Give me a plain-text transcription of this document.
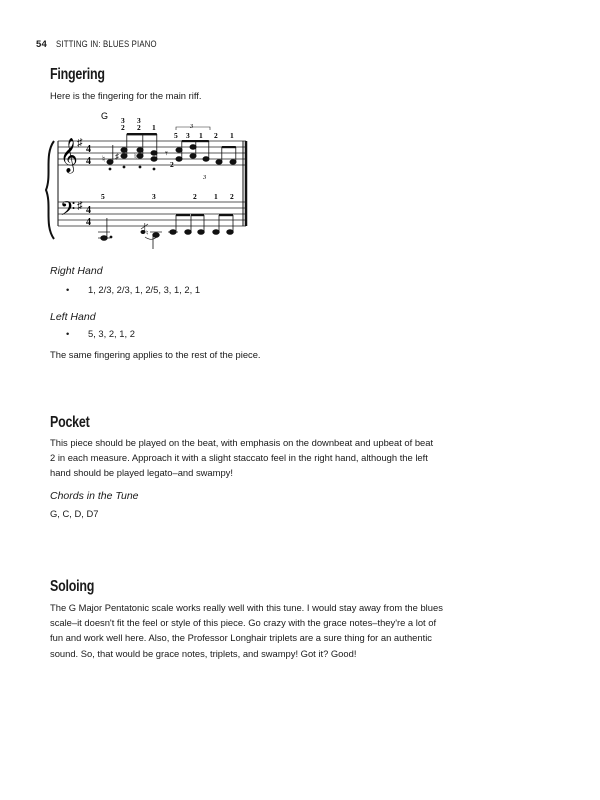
54 SITTING IN: BLUES PIANO
Fingering

Here is the fingering for the main riff.

G
𝄞
𝄢
♯
♯
4
4
4
4
3 3
1
2 2
5
2
3 1 2 1
3
3
♮ ♯ ♮	𝄾
5	3	2 1 2
♮
Right Hand
• 1, 2/3, 2/3, 1, 2/5, 3, 1, 2, 1
Left Hand
• 5, 3, 2, 1, 2

The same fingering applies to the rest of the piece.

Pocket
This piece should be played on the beat, with emphasis on the downbeat and upbeat of beat
2 in each measure. Approach it with a slight staccato feel in the right hand, although the left
hand should be played legato–and swampy!
Chords in the Tune

G, C, D, D7

Soloing
The G Major Pentatonic scale works really well with this tune. I would stay away from the blues
scale–it doesn't fit the feel or style of this piece. Go crazy with the grace notes–they're a lot of
fun and work well here. Also, the Professor Longhair triplets are a sure thing for an authentic
sound. So, that would be grace notes, triplets, and swampy! Got it? Good!
